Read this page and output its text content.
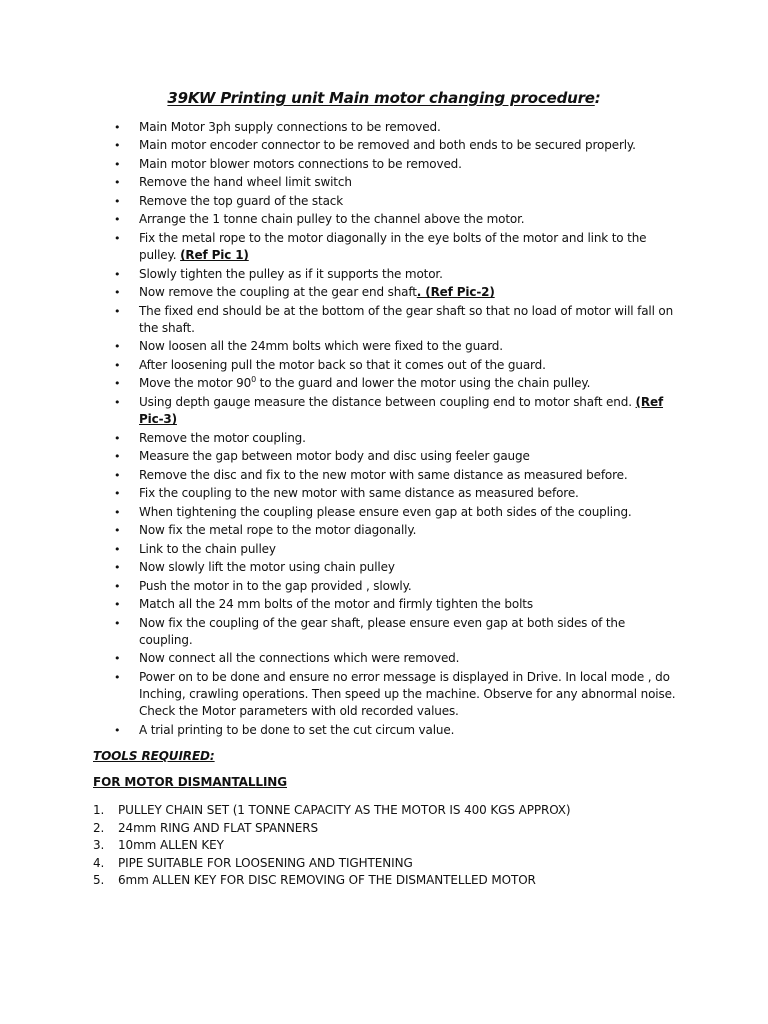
39KW Printing unit Main motor changing procedure:
• Main Motor 3ph supply connections to be removed.
• Main motor encoder connector to be removed and both ends to be secured properly.
• Main motor blower motors connections to be removed.
• Remove the hand wheel limit switch
• Remove the top guard of the stack
• Arrange the 1 tonne chain pulley to the channel above the motor.
• Fix the metal rope to the motor diagonally in the eye bolts of the motor and link to the pulley. (Ref Pic 1)
• Slowly tighten the pulley as if it supports the motor.
• Now remove the coupling at the gear end shaft. (Ref Pic-2)
• The fixed end should be at the bottom of the gear shaft so that no load of motor will fall on the shaft.
• Now loosen all the 24mm bolts which were fixed to the guard.
• After loosening pull the motor back so that it comes out of the guard.
• Move the motor $90^0$ to the guard and lower the motor using the chain pulley.
• Using depth gauge measure the distance between coupling end to motor shaft end. (Ref Pic-3)
• Remove the motor coupling.
• Measure the gap between motor body and disc using feeler gauge
• Remove the disc and fix to the new motor with same distance as measured before.
• Fix the coupling to the new motor with same distance as measured before.
• When tightening the coupling please ensure even gap at both sides of the coupling.
• Now fix the metal rope to the motor diagonally.
• Link to the chain pulley
• Now slowly lift the motor using chain pulley
• Push the motor in to the gap provided , slowly.
• Match all the 24 mm bolts of the motor and firmly tighten the bolts
• Now fix the coupling of the gear shaft, please ensure even gap at both sides of the coupling.
• Now connect all the connections which were removed.
• Power on to be done and ensure no error message is displayed in Drive. In local mode , do Inching, crawling operations. Then speed up the machine. Observe for any abnormal noise. Check the Motor parameters with old recorded values.
• A trial printing to be done to set the cut circum value.
TOOLS REQUIRED:
FOR MOTOR DISMANTALLING
1. PULLEY CHAIN SET (1 TONNE CAPACITY AS THE MOTOR IS 400 KGS APPROX)
2. 24mm RING AND FLAT SPANNERS
3. 10mm ALLEN KEY
4. PIPE SUITABLE FOR LOOSENING AND TIGHTENING
5. 6mm ALLEN KEY FOR DISC REMOVING OF THE DISMANTELLED MOTOR
